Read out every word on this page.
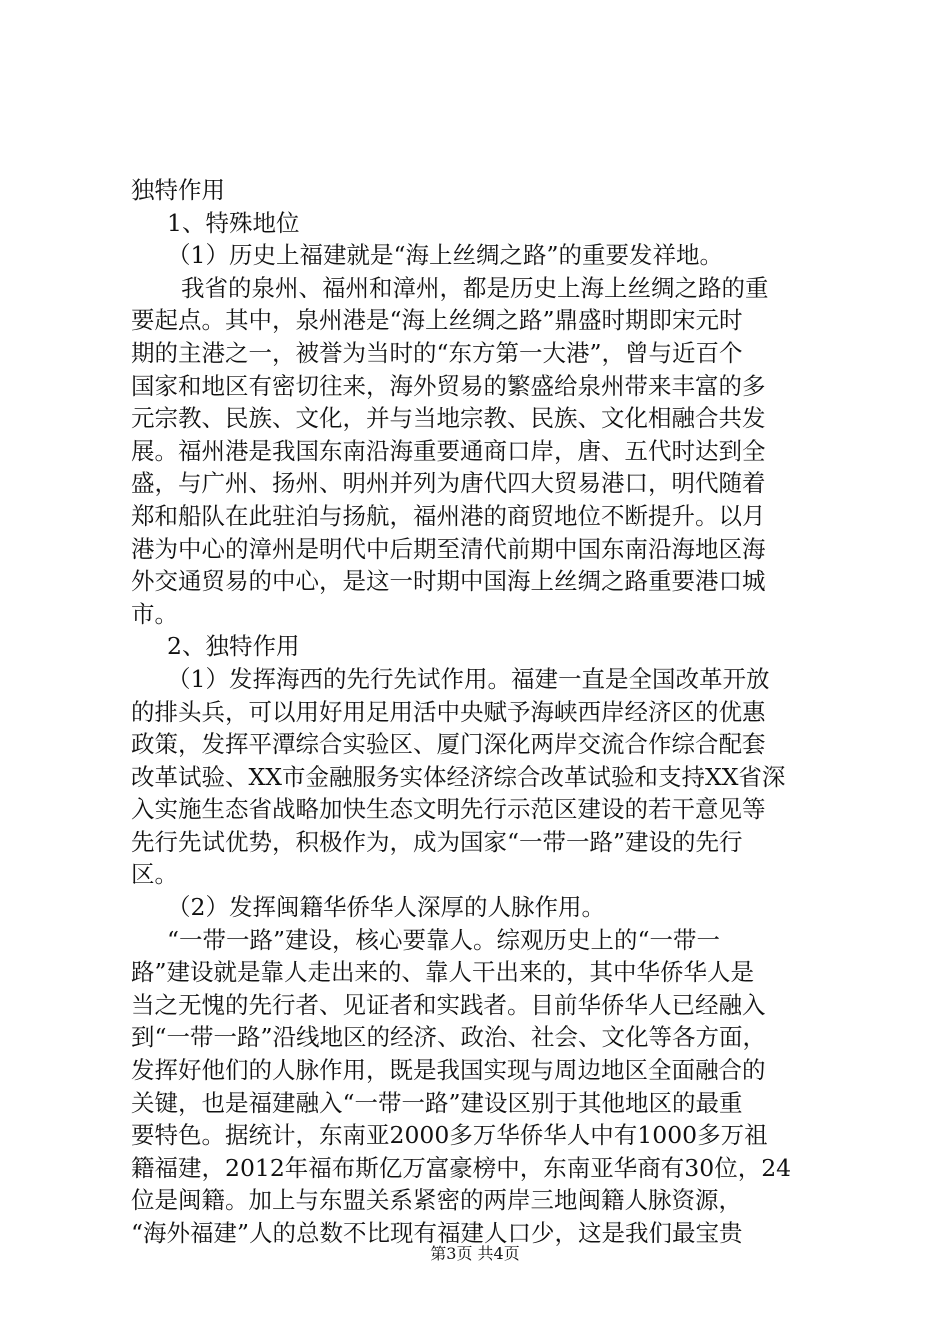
独特作用
1、特殊地位
（1）历史上福建就是“海上丝绸之路”的重要发祥地。
我省的泉州、福州和漳州，都是历史上海上丝绸之路的重
要起点。其中，泉州港是“海上丝绸之路”鼎盛时期即宋元时
期的主港之一，被誉为当时的“东方第一大港”，曾与近百个
国家和地区有密切往来，海外贸易的繁盛给泉州带来丰富的多
元宗教、民族、文化，并与当地宗教、民族、文化相融合共发
展。福州港是我国东南沿海重要通商口岸，唐、五代时达到全
盛，与广州、扬州、明州并列为唐代四大贸易港口，明代随着
郑和船队在此驻泊与扬航，福州港的商贸地位不断提升。以月
港为中心的漳州是明代中后期至清代前期中国东南沿海地区海
外交通贸易的中心，是这一时期中国海上丝绸之路重要港口城
市。
2、独特作用
（1）发挥海西的先行先试作用。福建一直是全国改革开放
的排头兵，可以用好用足用活中央赋予海峡西岸经济区的优惠
政策，发挥平潭综合实验区、厦门深化两岸交流合作综合配套
改革试验、XX市金融服务实体经济综合改革试验和支持XX省深
入实施生态省战略加快生态文明先行示范区建设的若干意见等
先行先试优势，积极作为，成为国家“一带一路”建设的先行
区。
（2）发挥闽籍华侨华人深厚的人脉作用。
“一带一路”建设，核心要靠人。综观历史上的“一带一
路”建设就是靠人走出来的、靠人干出来的，其中华侨华人是
当之无愧的先行者、见证者和实践者。目前华侨华人已经融入
到“一带一路”沿线地区的经济、政治、社会、文化等各方面，
发挥好他们的人脉作用，既是我国实现与周边地区全面融合的
关键，也是福建融入“一带一路”建设区别于其他地区的最重
要特色。据统计，东南亚2000多万华侨华人中有1000多万祖
籍福建，2012年福布斯亿万富豪榜中，东南亚华商有30位，24
位是闽籍。加上与东盟关系紧密的两岸三地闽籍人脉资源，
“海外福建”人的总数不比现有福建人口少，这是我们最宝贵
第3页 共4页
